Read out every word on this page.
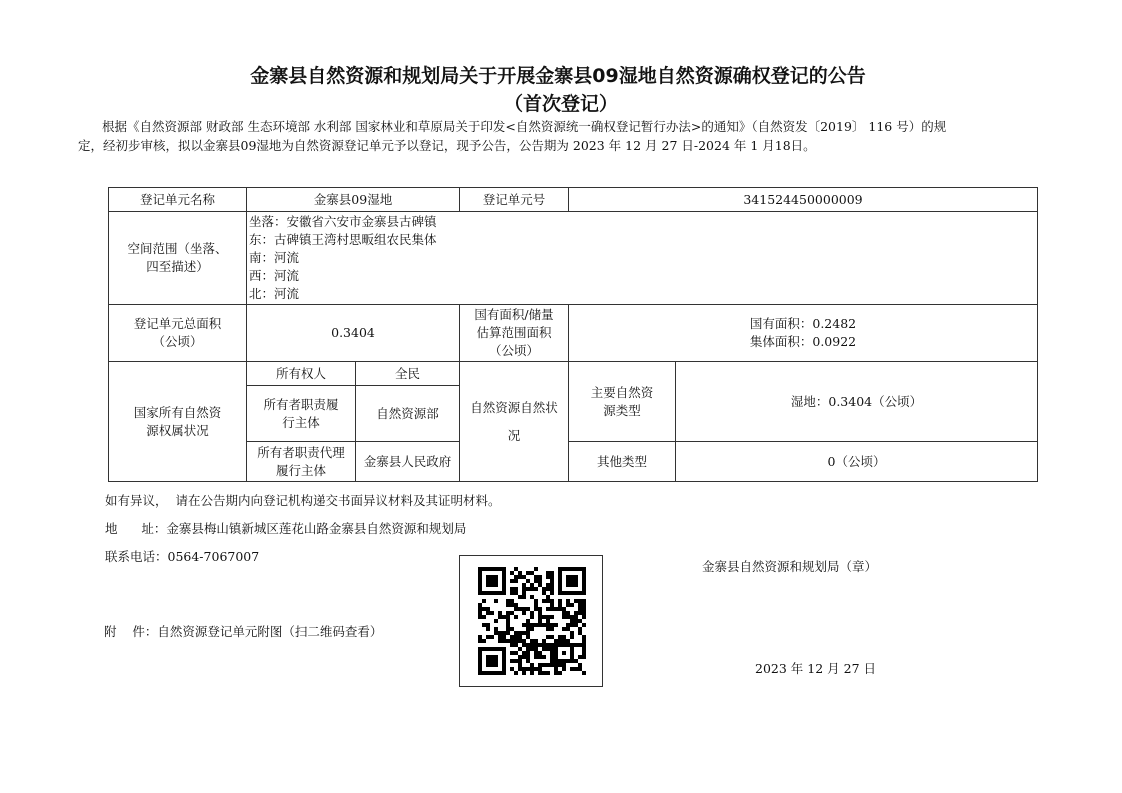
金寨县自然资源和规划局关于开展金寨县09湿地自然资源确权登记的公告
（首次登记）

根据《自然资源部 财政部 生态环境部 水利部 国家林业和草原局关于印发<自然资源统一确权登记暂行办法>的通知》（自然资发〔2019〕 116 号）的规定，经初步审核，拟以金寨县09湿地为自然资源登记单元予以登记，现予公告，公告期为 2023 年 12 月 27 日-2024 年 1 月18日。

登记单元名称	金寨县09湿地		登记单元号	341524450000009	
空间范围（坐落、四至描述）	坐落：安徽省六安市金寨县古碑镇
东：古碑镇王湾村思畈组农民集体
南：河流
西：河流
北：河流				

登记单元总面积（公顷）	0.3404		国有面积/储量估算范围面积（公顷）	国有面积：0.2482
集体面积：0.0922	

国家所有自然资源权属状况	所有权人	全民	自然资源自然状况	主要自然资源类型	湿地：0.3404（公顷）
	所有者职责履行主体	自然资源部			
	所有者职责代理履行主体	金寨县人民政府		其他类型	0（公顷）
如有异议，  请在公告期内向登记机构递交书面异议材料及其证明材料。
地      址：金寨县梅山镇新城区莲花山路金寨县自然资源和规划局
联系电话：0564-7067007
附    件：自然资源登记单元附图（扫二维码查看）
金寨县自然资源和规划局（章）
2023 年 12 月 27 日
